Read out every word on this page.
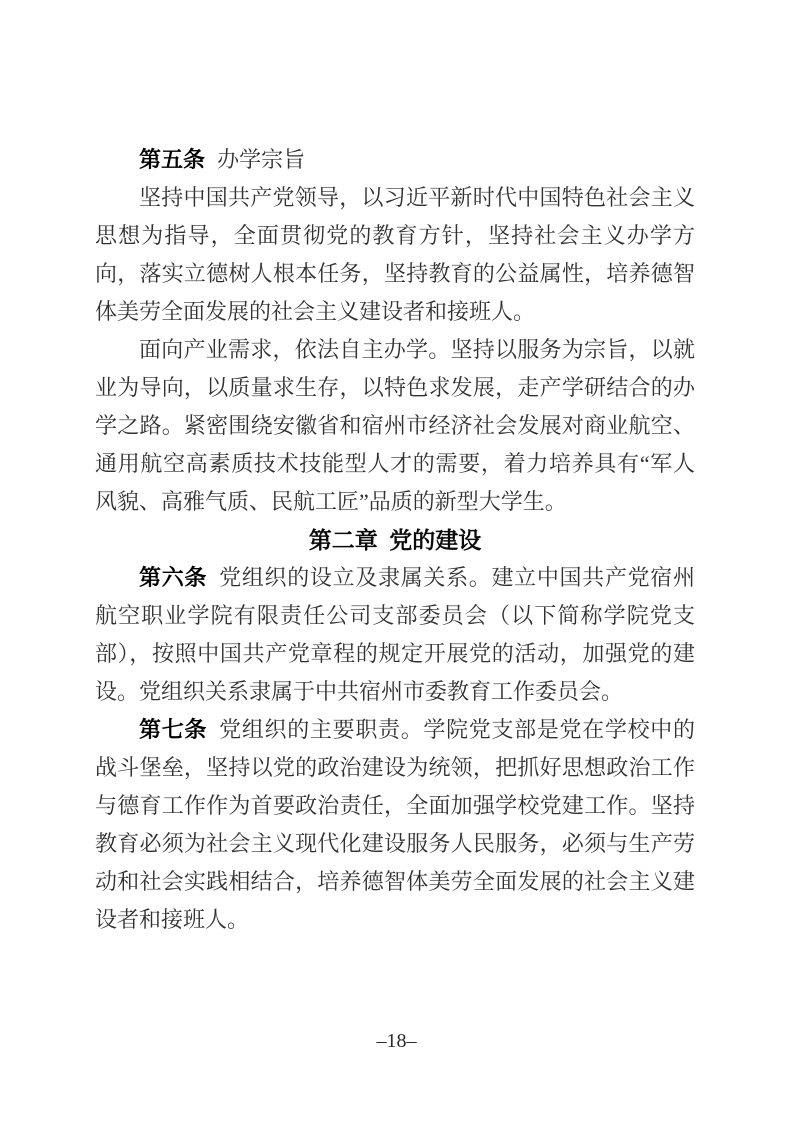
第五条 办学宗旨

坚持中国共产党领导，以习近平新时代中国特色社会主义思想为指导，全面贯彻党的教育方针，坚持社会主义办学方向，落实立德树人根本任务，坚持教育的公益属性，培养德智体美劳全面发展的社会主义建设者和接班人。

面向产业需求，依法自主办学。坚持以服务为宗旨，以就业为导向，以质量求生存，以特色求发展，走产学研结合的办学之路。紧密围绕安徽省和宿州市经济社会发展对商业航空、通用航空高素质技术技能型人才的需要，着力培养具有“军人风貌、高雅气质、民航工匠”品质的新型大学生。

第二章 党的建设

第六条 党组织的设立及隶属关系。建立中国共产党宿州航空职业学院有限责任公司支部委员会（以下简称学院党支部），按照中国共产党章程的规定开展党的活动，加强党的建设。党组织关系隶属于中共宿州市委教育工作委员会。

第七条 党组织的主要职责。学院党支部是党在学校中的战斗堡垒，坚持以党的政治建设为统领，把抓好思想政治工作与德育工作作为首要政治责任，全面加强学校党建工作。坚持教育必须为社会主义现代化建设服务人民服务，必须与生产劳动和社会实践相结合，培养德智体美劳全面发展的社会主义建设者和接班人。

–18–
